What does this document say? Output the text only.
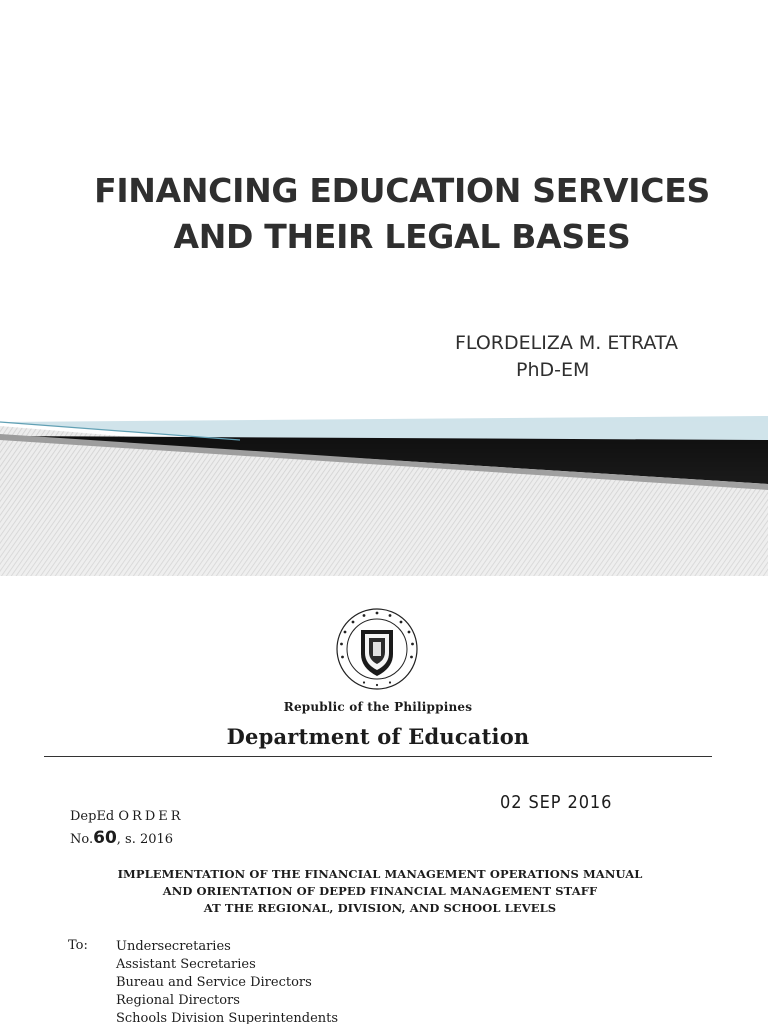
FINANCING EDUCATION SERVICES
AND THEIR LEGAL BASES
FLORDELIZA M. ETRATA
PhD-EM
Republic of the Philippines
Department of Education
02 SEP 2016
DepEd ORDER
No.60, s. 2016
IMPLEMENTATION OF THE FINANCIAL MANAGEMENT OPERATIONS MANUAL
AND ORIENTATION OF DEPED FINANCIAL MANAGEMENT STAFF
AT THE REGIONAL, DIVISION, AND SCHOOL LEVELS
To: Undersecretaries
Assistant Secretaries
Bureau and Service Directors
Regional Directors
Schools Division Superintendents
